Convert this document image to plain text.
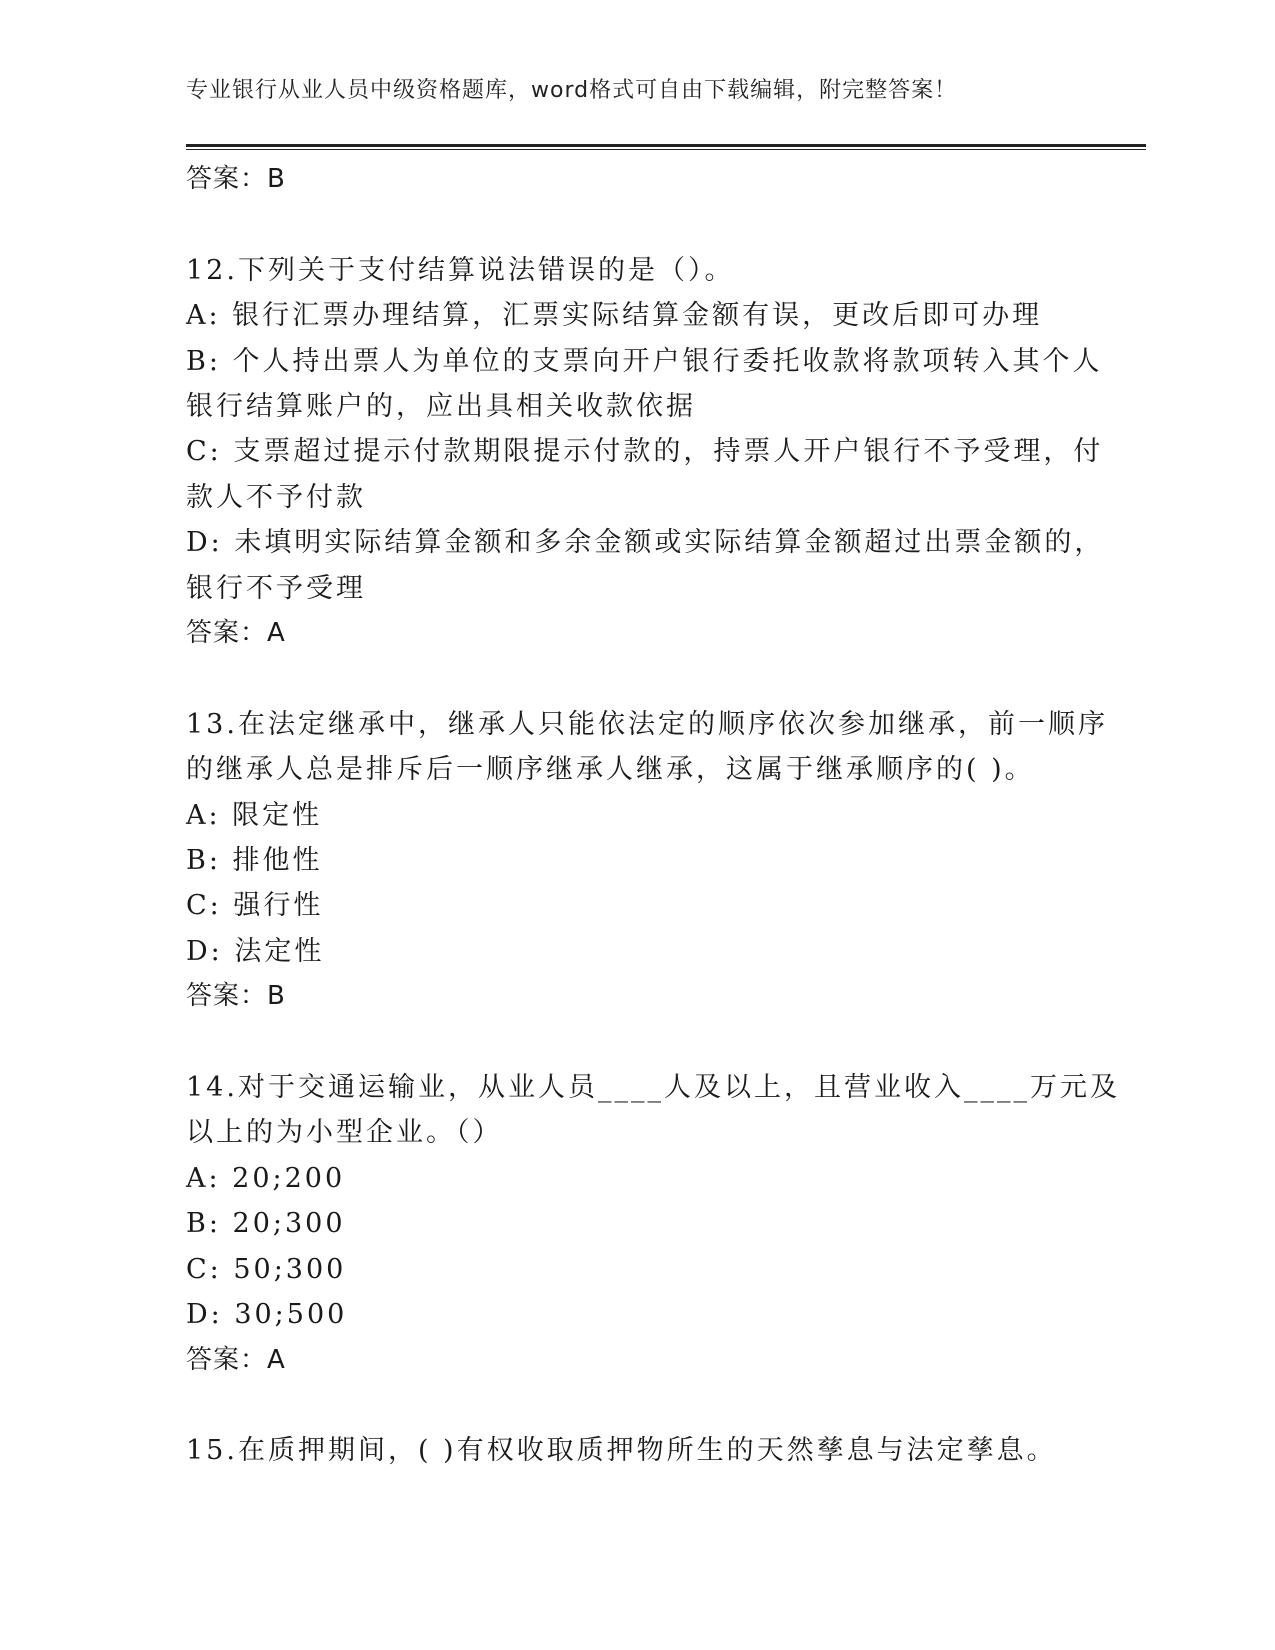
专业银行从业人员中级资格题库，word格式可自由下载编辑，附完整答案！

答案：B

12.下列关于支付结算说法错误的是（）。

A: 银行汇票办理结算，汇票实际结算金额有误，更改后即可办理

B: 个人持出票人为单位的支票向开户银行委托收款将款项转入其个人

银行结算账户的，应出具相关收款依据

C: 支票超过提示付款期限提示付款的，持票人开户银行不予受理，付

款人不予付款

D: 未填明实际结算金额和多余金额或实际结算金额超过出票金额的，

银行不予受理

答案：A

13.在法定继承中，继承人只能依法定的顺序依次参加继承，前一顺序

的继承人总是排斥后一顺序继承人继承，这属于继承顺序的( )。

A: 限定性

B: 排他性

C: 强行性

D: 法定性

答案：B

14.对于交通运输业，从业人员____人及以上，且营业收入____万元及

以上的为小型企业。（）

A: 20;200

B: 20;300

C: 50;300

D: 30;500

答案：A

15.在质押期间，( )有权收取质押物所生的天然孳息与法定孳息。
